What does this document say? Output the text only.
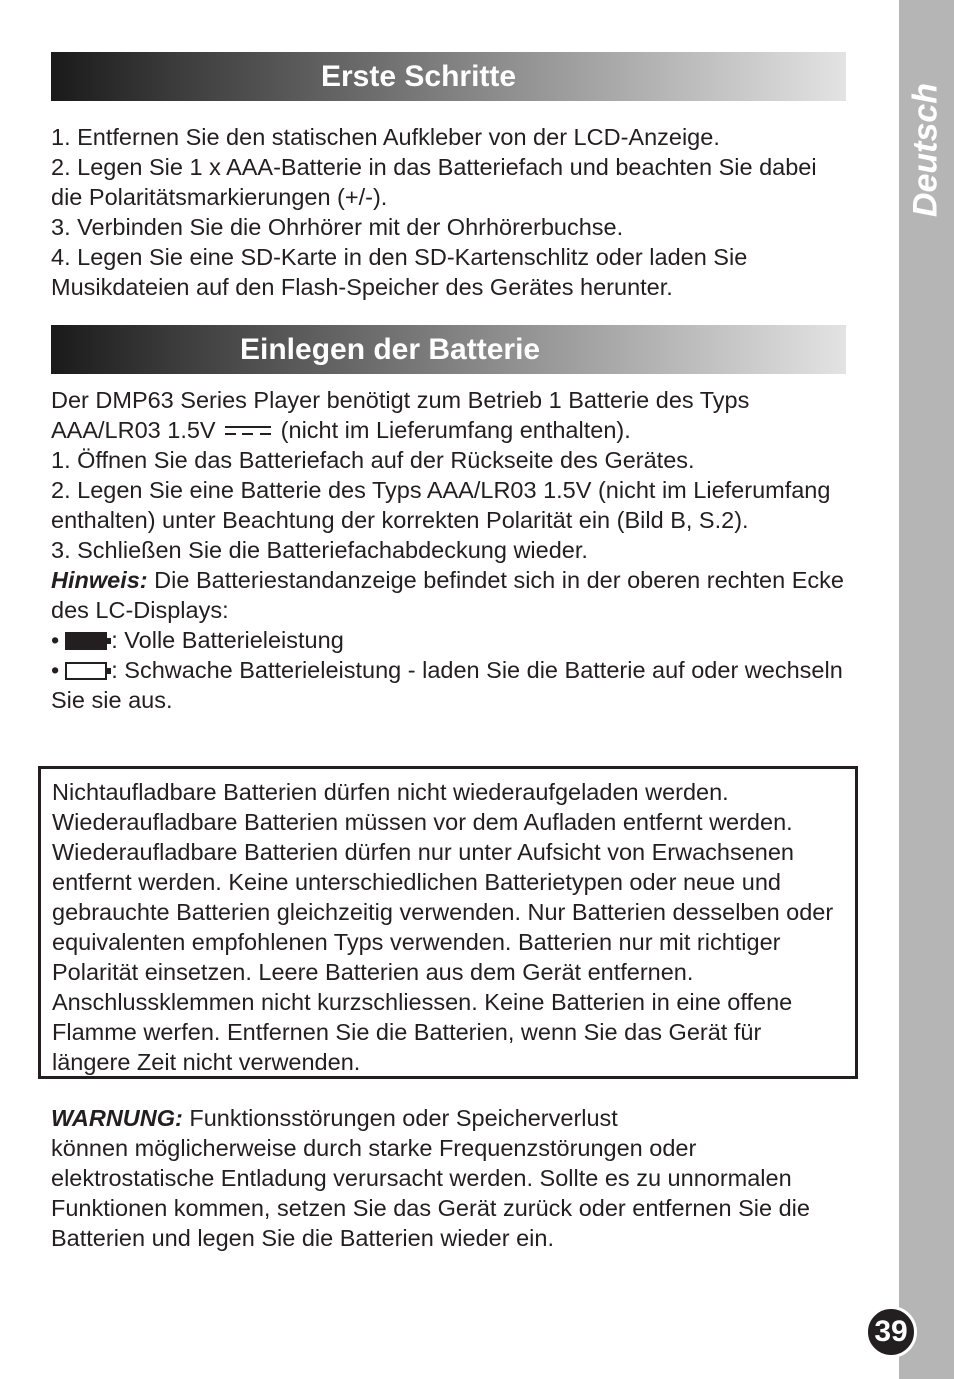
Deutsch
39
Erste Schritte

1. Entfernen Sie den statischen Aufkleber von der LCD-Anzeige.

2. Legen Sie 1 x AAA-Batterie in das Batteriefach und beachten Sie dabei die Polaritätsmarkierungen (+/-).

3. Verbinden Sie die Ohrhörer mit der Ohrhörerbuchse.

4. Legen Sie eine SD-Karte in den SD-Kartenschlitz oder laden Sie Musikdateien auf den Flash-Speicher des Gerätes herunter.

Einlegen der Batterie

Der DMP63 Series Player benötigt zum Betrieb 1 Batterie des Typs AAA/LR03 1.5V	(nicht im Lieferumfang enthalten).

1. Öffnen Sie das Batteriefach auf der Rückseite des Gerätes.

2. Legen Sie eine Batterie des Typs AAA/LR03 1.5V (nicht im Lieferumfang enthalten) unter Beachtung der korrekten Polarität ein (Bild B, S.2).

3. Schließen Sie die Batteriefachabdeckung wieder.

Hinweis: Die Batteriestandanzeige befindet sich in der oberen rechten Ecke des LC-Displays:

• : Volle Batterieleistung

• : Schwache Batterieleistung - laden Sie die Batterie auf oder wechseln Sie sie aus.

Nichtaufladbare Batterien dürfen nicht wiederaufgeladen werden. Wiederaufladbare Batterien müssen vor dem Aufladen entfernt werden. Wiederaufladbare Batterien dürfen nur unter Aufsicht von Erwachsenen entfernt werden. Keine unterschiedlichen Batterietypen oder neue und gebrauchte Batterien gleichzeitig verwenden. Nur Batterien desselben oder equivalenten empfohlenen Typs verwenden. Batterien nur mit richtiger Polarität einsetzen. Leere Batterien aus dem Gerät entfernen. Anschlussklemmen nicht kurzschliessen. Keine Batterien in eine offene Flamme werfen. Entfernen Sie die Batterien, wenn Sie das Gerät für längere Zeit nicht verwenden.

WARNUNG: Funktionsstörungen oder Speicherverlust

können möglicherweise durch starke Frequenzstörungen oder elektrostatische Entladung verursacht werden. Sollte es zu unnormalen Funktionen kommen, setzen Sie das Gerät zurück oder entfernen Sie die Batterien und legen Sie die Batterien wieder ein.
